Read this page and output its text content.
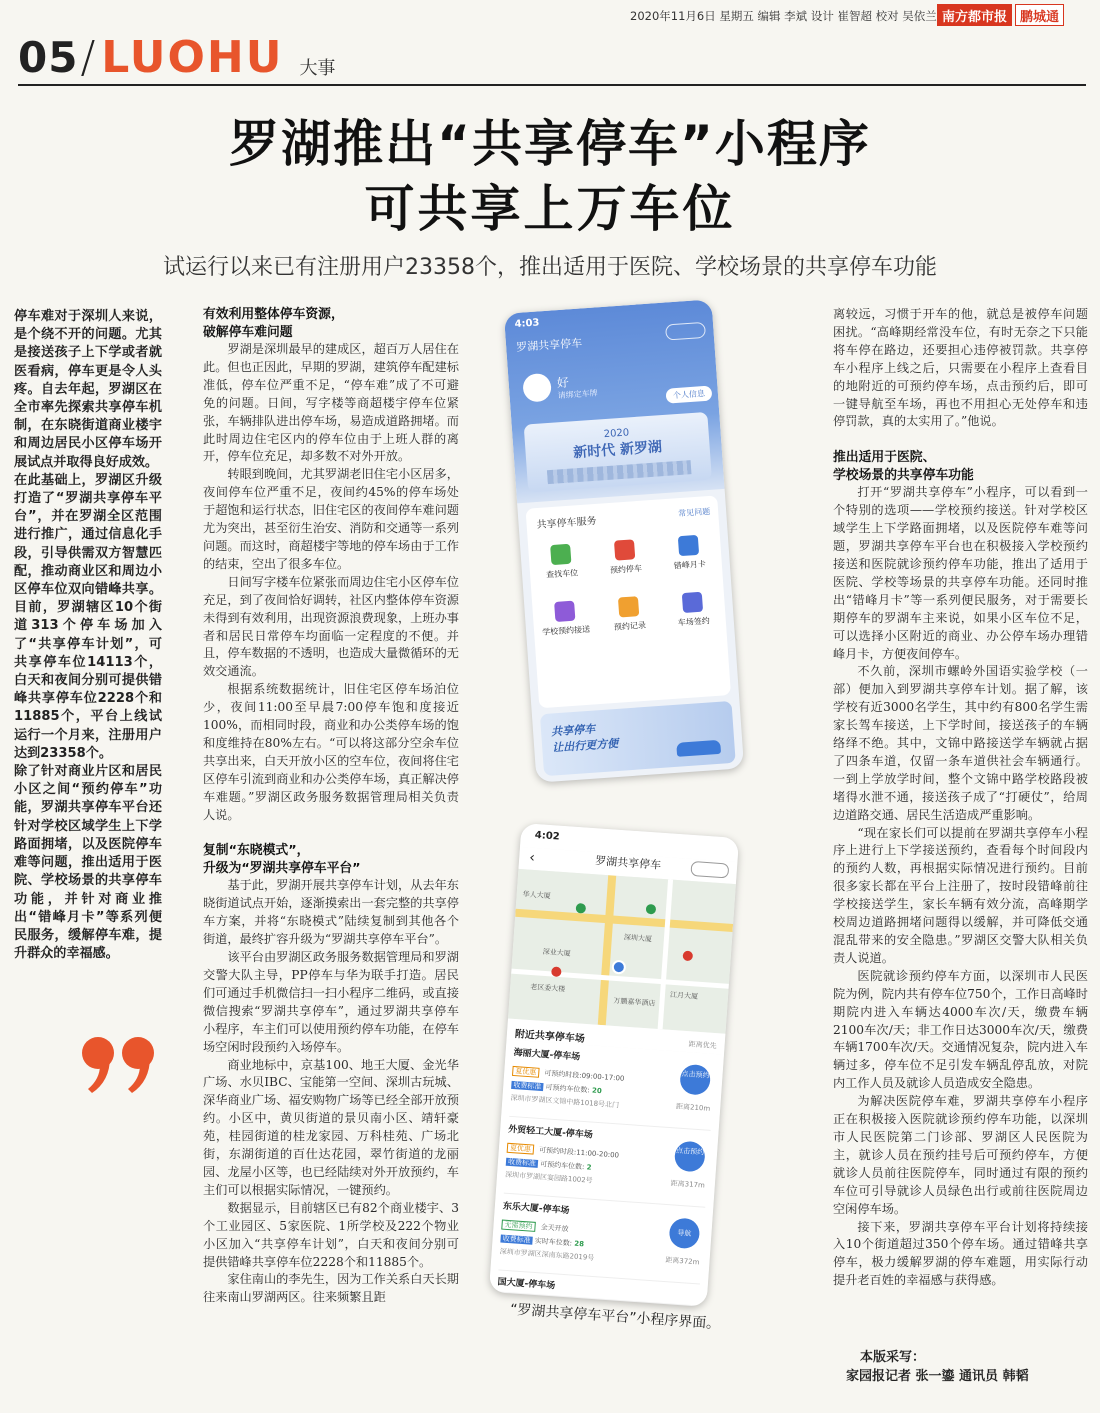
2020年11月6日 星期五 编辑 李斌 设计 崔智超 校对 吴依兰 南方都市报	鹏城通
05 / LUOHU 大事
罗湖推出“共享停车”小程序
可共享上万车位
试运行以来已有注册用户23358个，推出适用于医院、学校场景的共享停车功能

停车难对于深圳人来说，是个绕不开的问题。尤其是接送孩子上下学或者就医看病，停车更是令人头疼。自去年起，罗湖区在全市率先探索共享停车机制，在东晓街道商业楼宇和周边居民小区停车场开展试点并取得良好成效。

在此基础上，罗湖区升级打造了“罗湖共享停车平台”，并在罗湖全区范围进行推广，通过信息化手段，引导供需双方智慧匹配，推动商业区和周边小区停车位双向错峰共享。目前，罗湖辖区10个街道313个停车场加入了“共享停车计划”，可共享停车位14113个，白天和夜间分别可提供错峰共享停车位2228个和11885个，平台上线试运行一个月来，注册用户达到23358个。

除了针对商业片区和居民小区之间“预约停车”功能，罗湖共享停车平台还针对学校区域学生上下学路面拥堵，以及医院停车难等问题，推出适用于医院、学校场景的共享停车功能，并针对商业推出“错峰月卡”等系列便民服务，缓解停车难，提升群众的幸福感。

有效利用整体停车资源，
破解停车难问题

罗湖是深圳最早的建成区，超百万人居住在此。但也正因此，早期的罗湖，建筑停车配建标准低，停车位严重不足，“停车难”成了不可避免的问题。日间，写字楼等商超楼宇停车位紧张，车辆排队进出停车场，易造成道路拥堵。而此时周边住宅区内的停车位由于上班人群的离开，停车位充足，却多数不对外开放。

转眼到晚间，尤其罗湖老旧住宅小区居多，夜间停车位严重不足，夜间约45%的停车场处于超饱和运行状态，旧住宅区的夜间停车难问题尤为突出，甚至衍生治安、消防和交通等一系列问题。而这时，商超楼宇等地的停车场由于工作的结束，空出了很多车位。

日间写字楼车位紧张而周边住宅小区停车位充足，到了夜间恰好调转，社区内整体停车资源未得到有效利用，出现资源浪费现象，上班办事者和居民日常停车均面临一定程度的不便。并且，停车数据的不透明，也造成大量微循环的无效交通流。

根据系统数据统计，旧住宅区停车场泊位少，夜间11:00至早晨7:00停车饱和度接近100%，而相同时段，商业和办公类停车场的饱和度维持在80%左右。“可以将这部分空余车位共享出来，白天开放小区的空车位，夜间将住宅区停车引流到商业和办公类停车场，真正解决停车难题。”罗湖区政务服务数据管理局相关负责人说。

复制“东晓模式”，
升级为“罗湖共享停车平台”

基于此，罗湖开展共享停车计划，从去年东晓街道试点开始，逐渐摸索出一套完整的共享停车方案，并将“东晓模式”陆续复制到其他各个街道，最终扩容升级为“罗湖共享停车平台”。

该平台由罗湖区政务服务数据管理局和罗湖交警大队主导，PP停车与华为联手打造。居民们可通过手机微信扫一扫小程序二维码，或直接微信搜索“罗湖共享停车”，通过罗湖共享停车小程序，车主们可以使用预约停车功能，在停车场空闲时段预约入场停车。

商业地标中，京基100、地王大厦、金光华广场、水贝IBC、宝能第一空间、深圳古玩城、深华商业广场、福安购物广场等已经全部开放预约。小区中，黄贝街道的景贝南小区、靖轩豪苑，桂园街道的桂龙家园、万科桂苑、广场北街，东湖街道的百仕达花园，翠竹街道的龙丽园、龙屋小区等，也已经陆续对外开放预约，车主们可以根据实际情况，一键预约。

数据显示，目前辖区已有82个商业楼宇、3个工业园区、5家医院、1所学校及222个物业小区加入“共享停车计划”，白天和夜间分别可提供错峰共享停车位2228个和11885个。

家住南山的李先生，因为工作关系白天长期往来南山罗湖两区。往来频繁且距

4:03
罗湖共享停车
好
请绑定车牌	个人信息
2020
新时代 新罗湖
共享停车服务
常见问题
查找车位	预约停车	错峰月卡
学校预约接送	预约记录	车场签约
共享停车
让出行更方便
4:02
‹	罗湖共享停车
华人大厦
深圳大厦
深业大厦
老区委大楼
万鹏嘉华酒店
江月大厦
附近共享停车场
距离优先
海丽大厦-停车场
夏优惠 可预约时段:09:00-17:00
收费标准 可预约车位数: 20
深圳市罗湖区文锦中路1018号北门
点击预约
距离210m
外贸轻工大厦-停车场
夏优惠 可预约时段:11:00-20:00
收费标准 可预约车位数: 2
深圳市罗湖区宴园路1002号
点击预约
距离317m
东乐大厦-停车场
无需预约 全天开放
收费标准 实时车位数: 28
深圳市罗湖区深南东路2019号
导航
距离372m
国大厦-停车场
“罗湖共享停车平台”小程序界面。

离较远，习惯于开车的他，就总是被停车问题困扰。“高峰期经常没车位，有时无奈之下只能将车停在路边，还要担心违停被罚款。共享停车小程序上线之后，只需要在小程序上查看目的地附近的可预约停车场，点击预约后，即可一键导航至车场，再也不用担心无处停车和违停罚款，真的太实用了。”他说。

推出适用于医院、
学校场景的共享停车功能

打开“罗湖共享停车”小程序，可以看到一个特别的选项——学校预约接送。针对学校区域学生上下学路面拥堵，以及医院停车难等问题，罗湖共享停车平台也在积极接入学校预约接送和医院就诊预约停车功能，推出了适用于医院、学校等场景的共享停车功能。还同时推出“错峰月卡”等一系列便民服务，对于需要长期停车的罗湖车主来说，如果小区车位不足，可以选择小区附近的商业、办公停车场办理错峰月卡，方便夜间停车。

不久前，深圳市螺岭外国语实验学校（一部）便加入到罗湖共享停车计划。据了解，该学校有近3000名学生，其中约有800名学生需家长驾车接送，上下学时间，接送孩子的车辆络绎不绝。其中，文锦中路接送学车辆就占据了四条车道，仅留一条车道供社会车辆通行。一到上学放学时间，整个文锦中路学校路段被堵得水泄不通，接送孩子成了“打硬仗”，给周边道路交通、居民生活造成严重影响。

“现在家长们可以提前在罗湖共享停车小程序上进行上下学接送预约，查看每个时间段内的预约人数，再根据实际情况进行预约。目前很多家长都在平台上注册了，按时段错峰前往学校接送学生，家长车辆有效分流，高峰期学校周边道路拥堵问题得以缓解，并可降低交通混乱带来的安全隐患。”罗湖区交警大队相关负责人说道。

医院就诊预约停车方面，以深圳市人民医院为例，院内共有停车位750个，工作日高峰时期院内进入车辆达4000车次/天，缴费车辆2100车次/天；非工作日达3000车次/天，缴费车辆1700车次/天。交通情况复杂，院内进入车辆过多，停车位不足引发车辆乱停乱放，对院内工作人员及就诊人员造成安全隐患。

为解决医院停车难，罗湖共享停车小程序正在积极接入医院就诊预约停车功能，以深圳市人民医院第二门诊部、罗湖区人民医院为主，就诊人员在预约挂号后可预约停车，方便就诊人员前往医院停车，同时通过有限的预约车位可引导就诊人员绿色出行或前往医院周边空闲停车场。

接下来，罗湖共享停车平台计划将持续接入10个街道超过350个停车场。通过错峰共享停车，极力缓解罗湖的停车难题，用实际行动提升老百姓的幸福感与获得感。

本版采写：
家园报记者 张一鎏 通讯员 韩韬
